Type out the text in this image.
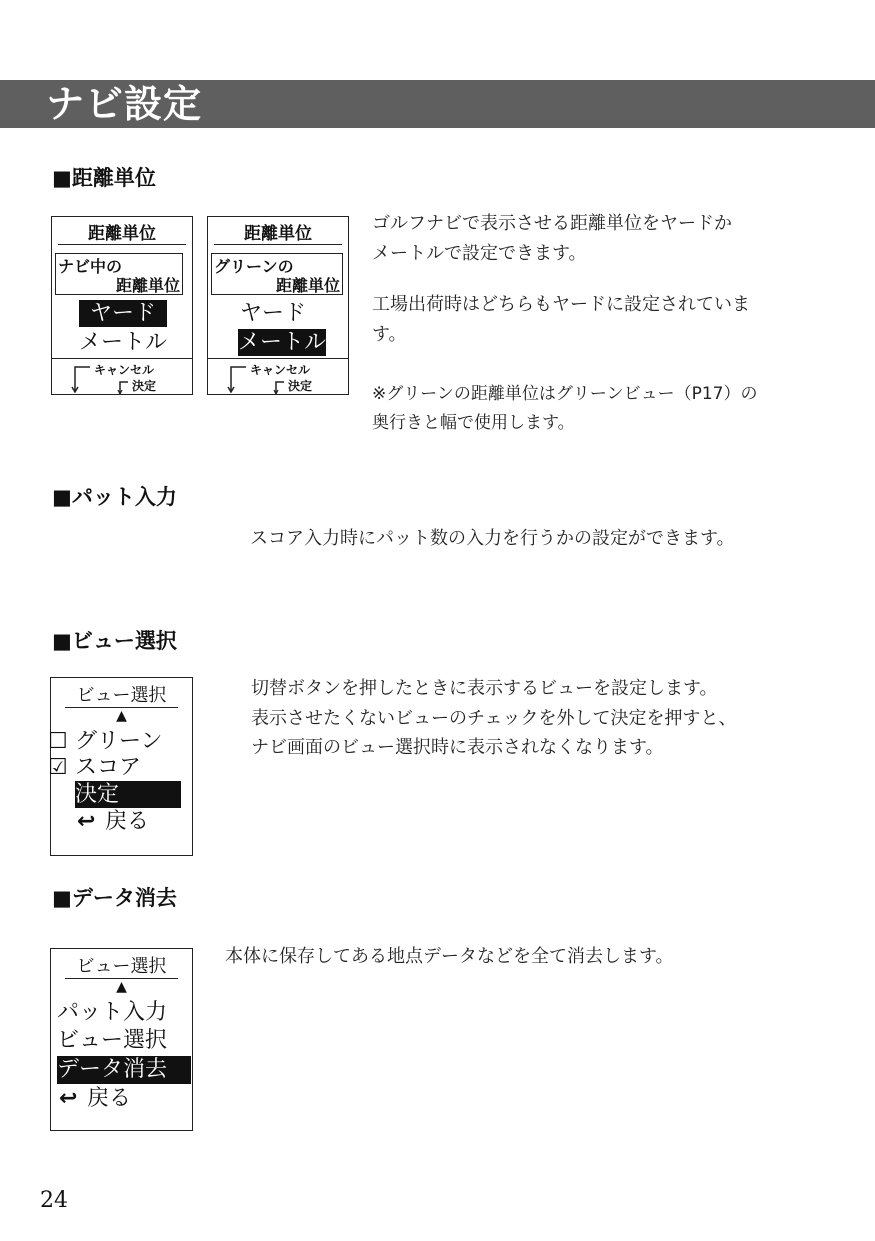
ナビ設定
■距離単位
距離単位
ナビ中の
距離単位
ヤード
メートル
キャンセル
決定
距離単位
グリーンの
距離単位
ヤード
メートル
キャンセル
決定
ゴルフナビで表示させる距離単位をヤードか
メートルで設定できます。
工場出荷時はどちらもヤードに設定されていま
す。
※グリーンの距離単位はグリーンビュー（P17）の
奥行きと幅で使用します。
■パット入力
スコア入力時にパット数の入力を行うかの設定ができます。
■ビュー選択
ビュー選択
▲
☐ グリーン
☑ スコア
決定
↩ 戻る
切替ボタンを押したときに表示するビューを設定します。
表示させたくないビューのチェックを外して決定を押すと、
ナビ画面のビュー選択時に表示されなくなります。
■データ消去
ビュー選択
▲
パット入力
ビュー選択
データ消去
↩ 戻る
本体に保存してある地点データなどを全て消去します。
24
